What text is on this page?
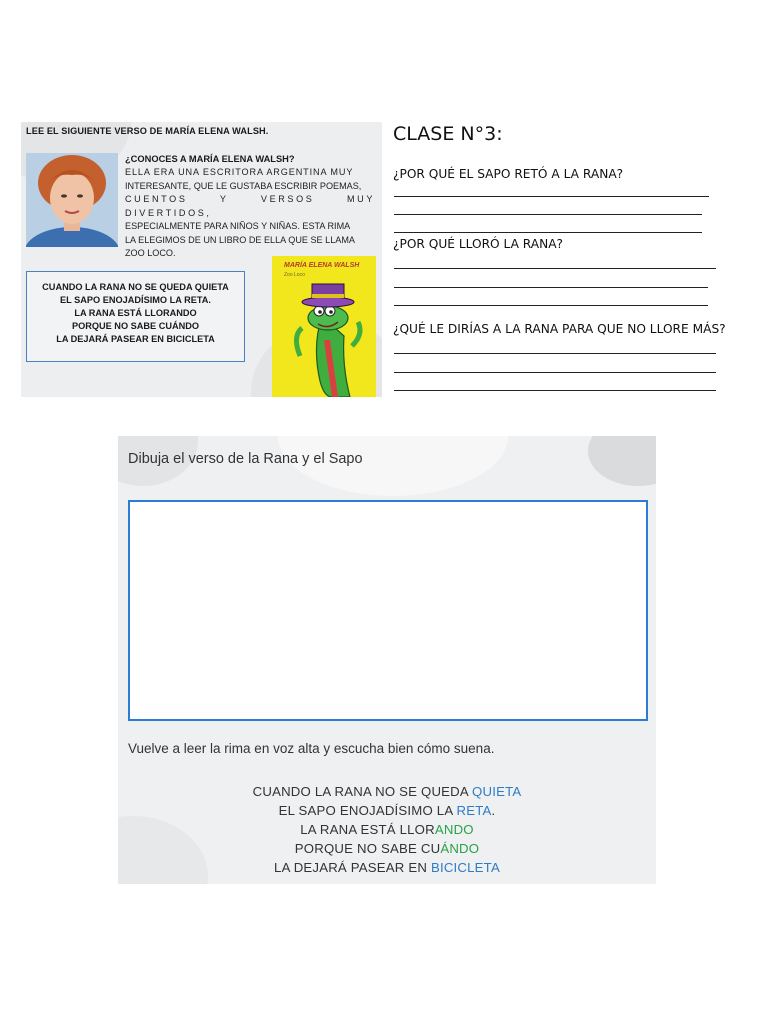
LEE EL SIGUIENTE VERSO DE MARÍA ELENA WALSH.
¿CONOCES A MARÍA ELENA WALSH?
ELLA ERA UNA ESCRITORA ARGENTINA MUY
INTERESANTE, QUE LE GUSTABA ESCRIBIR POEMAS,
CUENTOS Y VERSOS MUY DIVERTIDOS,
ESPECIALMENTE PARA NIÑOS Y NIÑAS. ESTA RIMA
LA ELEGIMOS DE UN LIBRO DE ELLA QUE SE LLAMA
ZOO LOCO.
CUANDO LA RANA NO SE QUEDA QUIETA
EL SAPO ENOJADÍSIMO LA RETA.
LA RANA ESTÁ LLORANDO
PORQUE NO SABE CUÁNDO
LA DEJARÁ PASEAR EN BICICLETA
MARÍA ELENA WALSH
Zoo Loco
CLASE N°3:
¿POR QUÉ EL SAPO RETÓ A LA RANA?
¿POR QUÉ LLORÓ LA RANA?
¿QUÉ LE DIRÍAS A LA RANA PARA QUE NO LLORE MÁS?
Dibuja el verso de la Rana y el Sapo
Vuelve a leer la rima en voz alta y escucha bien cómo suena.
CUANDO LA RANA NO SE QUEDA QUIETA
EL SAPO ENOJADÍSIMO LA RETA.
LA RANA ESTÁ LLORANDO
PORQUE NO SABE CUÁNDO
LA DEJARÁ PASEAR EN BICICLETA
